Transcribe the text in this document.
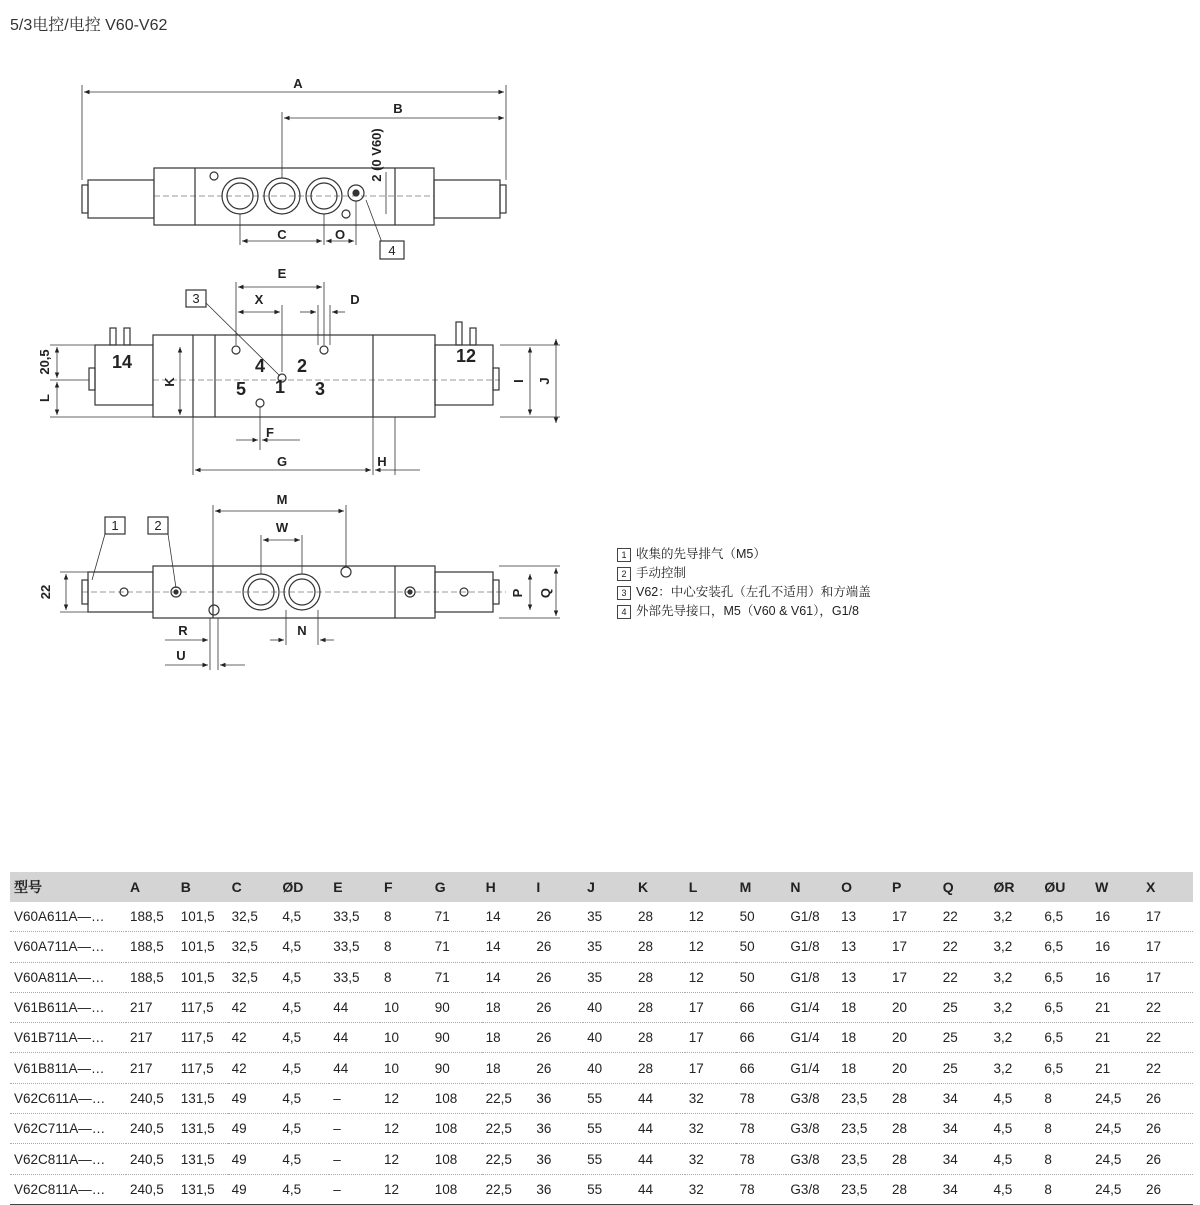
5/3电控/电控 V60-V62
A
B
C	O
2 (0 V60)
4
E
X	D
3
14	12
4 2
5 1 3
20,5
L
K	I J
F
G	H
M
W
1	2
22
R
U
N
P Q
1 收集的先导排气（M5）
2 手动控制
3 V62：中心安装孔（左孔不适用）和方端盖
4 外部先导接口，M5（V60 & V61），G1/8
型号	A	B	C	ØD	E	F	G	H	I	J	K	L	M	N	O	P	Q	ØR	ØU	W	X
V60A611A—…	188,5	101,5	32,5	4,5	33,5	8	71	14	26	35	28	12	50	G1/8	13	17	22	3,2	6,5	16	17
V60A711A—…	188,5	101,5	32,5	4,5	33,5	8	71	14	26	35	28	12	50	G1/8	13	17	22	3,2	6,5	16	17
V60A811A—…	188,5	101,5	32,5	4,5	33,5	8	71	14	26	35	28	12	50	G1/8	13	17	22	3,2	6,5	16	17
V61B611A—…	217	117,5	42	4,5	44	10	90	18	26	40	28	17	66	G1/4	18	20	25	3,2	6,5	21	22
V61B711A—…	217	117,5	42	4,5	44	10	90	18	26	40	28	17	66	G1/4	18	20	25	3,2	6,5	21	22
V61B811A—…	217	117,5	42	4,5	44	10	90	18	26	40	28	17	66	G1/4	18	20	25	3,2	6,5	21	22
V62C611A—…	240,5	131,5	49	4,5	–	12	108	22,5	36	55	44	32	78	G3/8	23,5	28	34	4,5	8	24,5	26
V62C711A—…	240,5	131,5	49	4,5	–	12	108	22,5	36	55	44	32	78	G3/8	23,5	28	34	4,5	8	24,5	26
V62C811A—…	240,5	131,5	49	4,5	–	12	108	22,5	36	55	44	32	78	G3/8	23,5	28	34	4,5	8	24,5	26
V62C811A—…	240,5	131,5	49	4,5	–	12	108	22,5	36	55	44	32	78	G3/8	23,5	28	34	4,5	8	24,5	26
